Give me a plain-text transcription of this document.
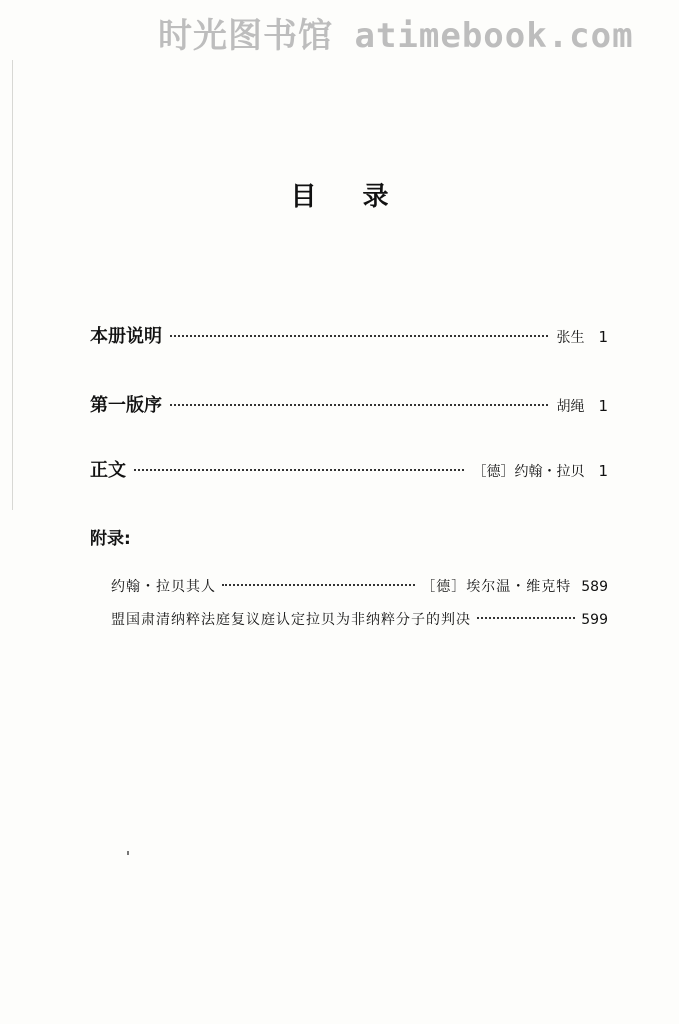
时光图书馆 atimebook.com
目录
本册说明	张生 1
第一版序	胡绳 1
正文	［德］约翰・拉贝 1
附录:
约翰・拉贝其人	［德］埃尔温・维克特 589
盟国肃清纳粹法庭复议庭认定拉贝为非纳粹分子的判决	599
